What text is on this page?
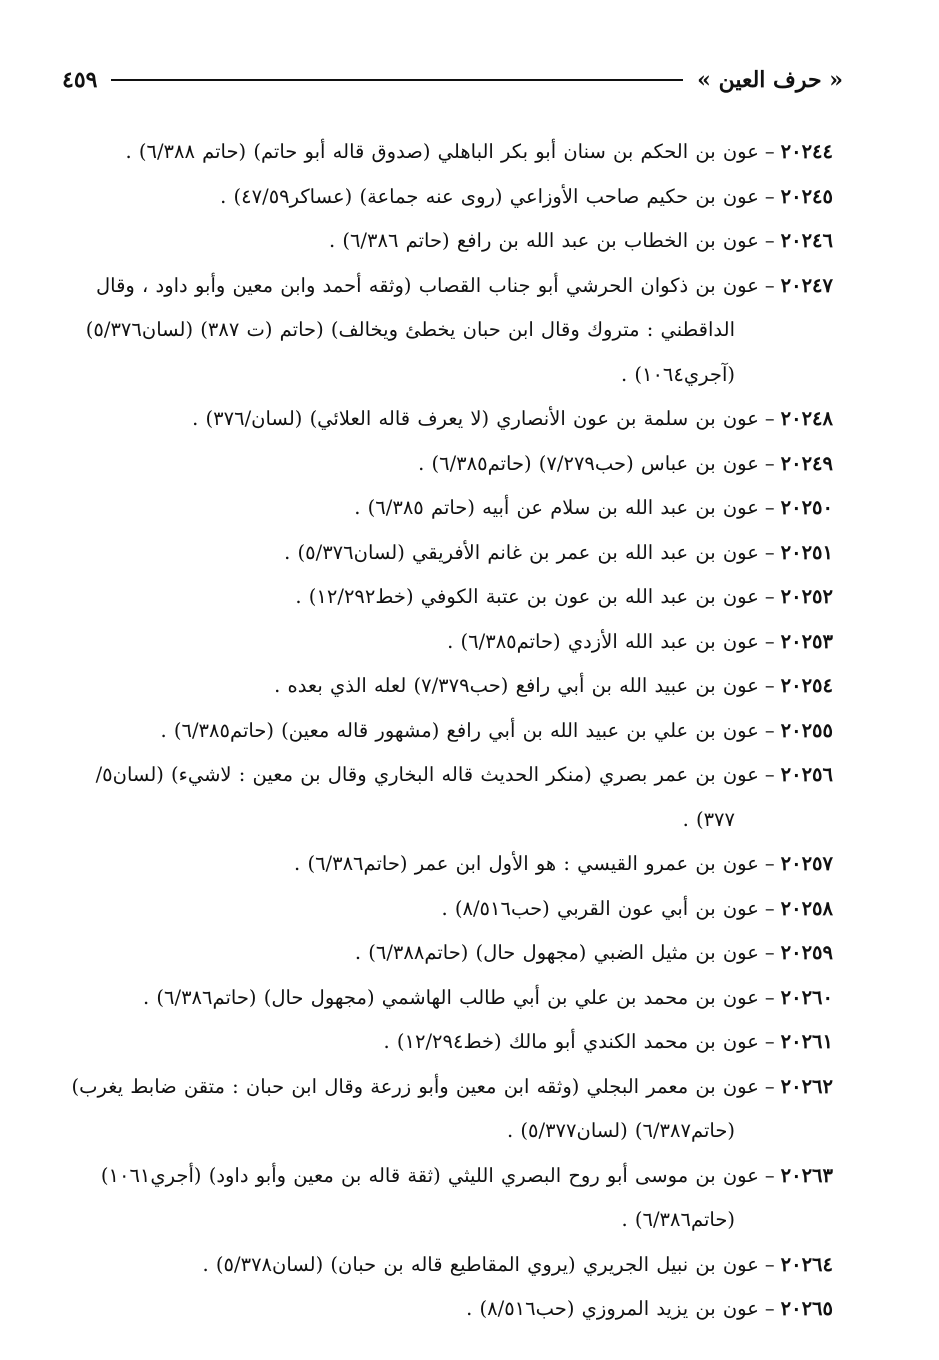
« حرف العين »
٤٥٩

٢٠٢٤٤–عون بن الحكم بن سنان أبو بكر الباهلي (صدوق قاله أبو حاتم) (حاتم ٦/٣٨٨) .

٢٠٢٤٥–عون بن حكيم صاحب الأوزاعي (روى عنه جماعة) (عساكر٤٧/٥٩) .

٢٠٢٤٦–عون بن الخطاب بن عبد الله بن رافع (حاتم ٦/٣٨٦) .

٢٠٢٤٧–عون بن ذكوان الحرشي أبو جناب القصاب (وثقه أحمد وابن معين وأبو داود ، وقال الداقطني : متروك وقال ابن حبان يخطئ ويخالف) (حاتم (ت ٣٨٧) (لسان٥/٣٧٦) (آجري١٠٦٤) .

٢٠٢٤٨–عون بن سلمة بن عون الأنصاري (لا يعرف قاله العلائي) (لسان/٣٧٦) .

٢٠٢٤٩–عون بن عباس (حب٧/٢٧٩) (حاتم٦/٣٨٥) .

٢٠٢٥٠–عون بن عبد الله بن سلام عن أبيه (حاتم ٦/٣٨٥) .

٢٠٢٥١–عون بن عبد الله بن عمر بن غانم الأفريقي (لسان٥/٣٧٦) .

٢٠٢٥٢–عون بن عبد الله بن عون بن عتبة الكوفي (خط١٢/٢٩٢) .

٢٠٢٥٣–عون بن عبد الله الأزدي (حاتم٦/٣٨٥) .

٢٠٢٥٤–عون بن عبيد الله بن أبي رافع (حب٧/٣٧٩) لعله الذي بعده .

٢٠٢٥٥–عون بن علي بن عبيد الله بن أبي رافع (مشهور قاله معين) (حاتم٦/٣٨٥) .

٢٠٢٥٦–عون بن عمر بصري (منكر الحديث قاله البخاري وقال بن معين : لاشيء) (لسان٥/ ٣٧٧) .

٢٠٢٥٧–عون بن عمرو القيسي : هو الأول ابن عمر (حاتم٦/٣٨٦) .

٢٠٢٥٨–عون بن أبي عون القربي (حب٨/٥١٦) .

٢٠٢٥٩–عون بن مثيل الضبي (مجهول حال) (حاتم٦/٣٨٨) .

٢٠٢٦٠–عون بن محمد بن علي بن أبي طالب الهاشمي (مجهول حال) (حاتم٦/٣٨٦) .

٢٠٢٦١–عون بن محمد الكندي أبو مالك (خط١٢/٢٩٤) .

٢٠٢٦٢–عون بن معمر البجلي (وثقه ابن معين وأبو زرعة وقال ابن حبان : متقن ضابط يغرب) (حاتم٦/٣٨٧) (لسان٥/٣٧٧) .

٢٠٢٦٣–عون بن موسى أبو روح البصري الليثي (ثقة قاله بن معين وأبو داود) (أجري١٠٦١) (حاتم٦/٣٨٦) .

٢٠٢٦٤–عون بن نبيل الجريري (يروي المقاطيع قاله بن حبان) (لسان٥/٣٧٨) .

٢٠٢٦٥–عون بن يزيد المروزي (حب٨/٥١٦) .
